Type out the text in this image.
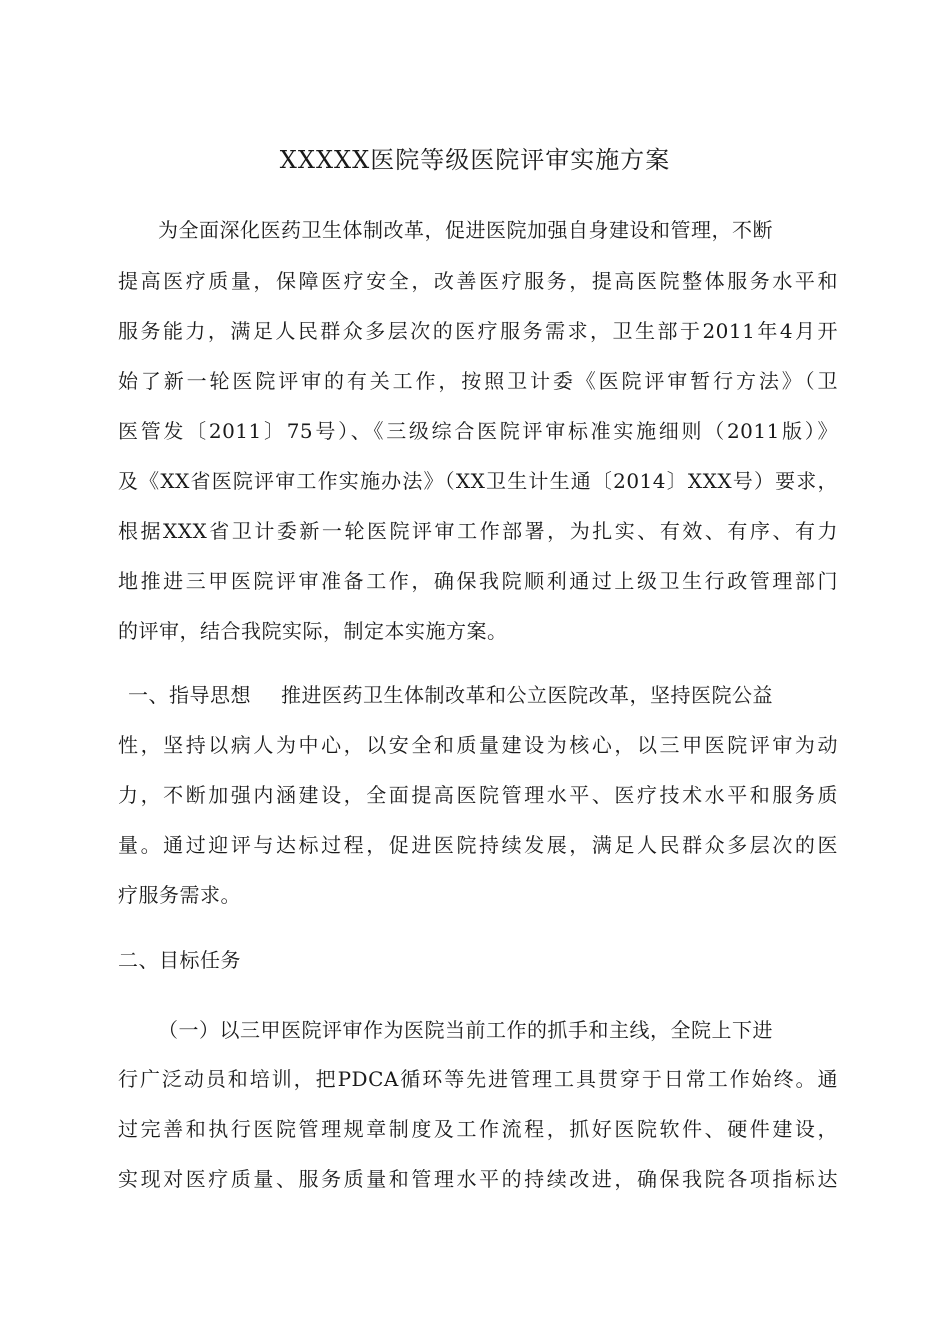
XXXXX医院等级医院评审实施方案
为全面深化医药卫生体制改革，促进医院加强自身建设和管理，不断
提高医疗质量，保障医疗安全，改善医疗服务，提高医院整体服务水平和
服务能力，满足人民群众多层次的医疗服务需求，卫生部于2011年4月开
始了新一轮医院评审的有关工作，按照卫计委《医院评审暂行方法》（卫
医管发〔2011〕75号）、《三级综合医院评审标准实施细则（2011版）》
及《XX省医院评审工作实施办法》（XX卫生计生通〔2014〕XXX号）要求，
根据XXX省卫计委新一轮医院评审工作部署，为扎实、有效、有序、有力
地推进三甲医院评审准备工作，确保我院顺利通过上级卫生行政管理部门
的评审，结合我院实际，制定本实施方案。
一、指导思想 推进医药卫生体制改革和公立医院改革，坚持医院公益
性，坚持以病人为中心，以安全和质量建设为核心，以三甲医院评审为动
力，不断加强内涵建设，全面提高医院管理水平、医疗技术水平和服务质
量。通过迎评与达标过程，促进医院持续发展，满足人民群众多层次的医
疗服务需求。
二、目标任务
（一）以三甲医院评审作为医院当前工作的抓手和主线，全院上下进
行广泛动员和培训，把PDCA循环等先进管理工具贯穿于日常工作始终。通
过完善和执行医院管理规章制度及工作流程，抓好医院软件、硬件建设，
实现对医疗质量、服务质量和管理水平的持续改进，确保我院各项指标达
